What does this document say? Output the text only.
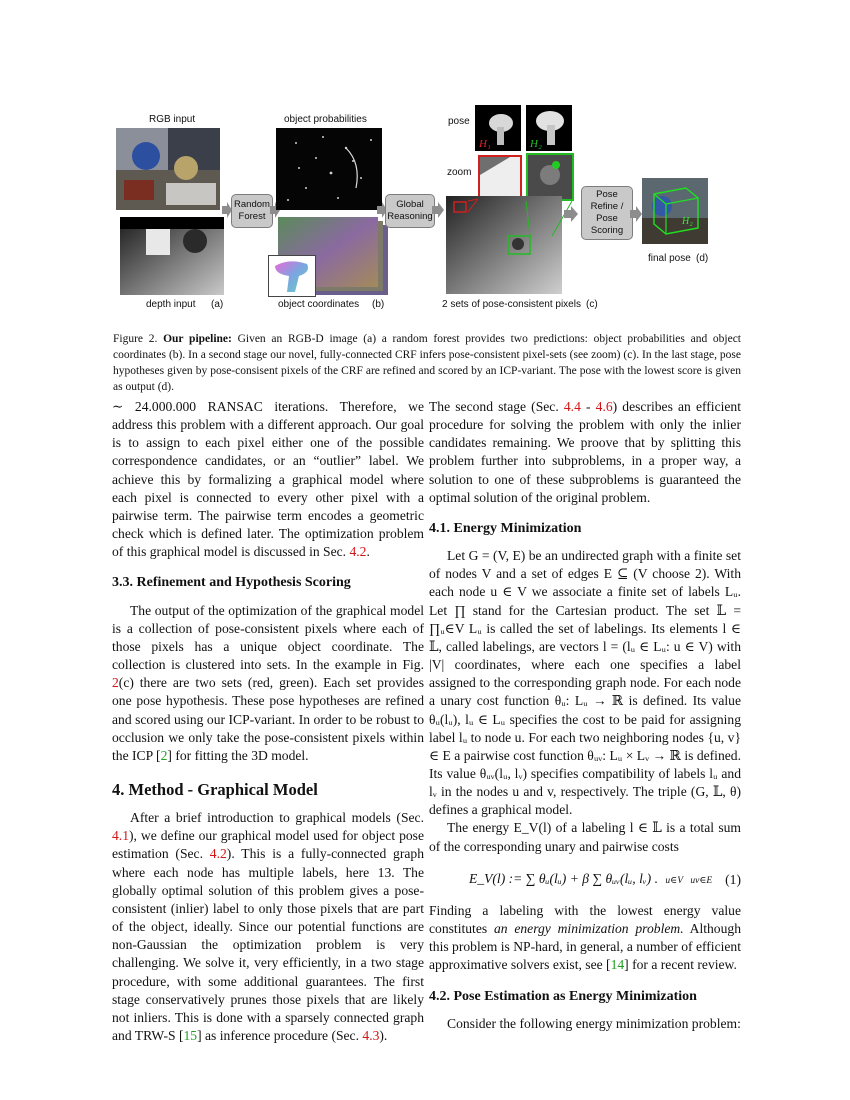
RGB input
depth input (a)
Random Forest
object probabilities
object coordinates (b)
Global Reasoning
pose
H₁	H₂
zoom
2 sets of pose-consistent pixels (c)
Pose Refine / Pose Scoring
H₂
final pose (d)
Figure 2. Our pipeline: Given an RGB-D image (a) a random forest provides two predictions: object probabilities and object coordinates (b). In a second stage our novel, fully-connected CRF infers pose-consistent pixel-sets (see zoom) (c). In the last stage, pose hypotheses given by pose-consisent pixels of the CRF are refined and scored by an ICP-variant. The pose with the lowest score is given as output (d).

∼ 24.000.000 RANSAC iterations. Therefore, we address this problem with a different approach. Our goal is to assign to each pixel either one of the possible correspondence candidates, or an “outlier” label. We achieve this by formalizing a graphical model where each pixel is connected to every other pixel with a pairwise term. The pairwise term encodes a geometric check which is defined later. The optimization problem of this graphical model is discussed in Sec. 4.2.

3.3. Refinement and Hypothesis Scoring

The output of the optimization of the graphical model is a collection of pose-consistent pixels where each of those pixels has a unique object coordinate. The collection is clustered into sets. In the example in Fig. 2(c) there are two sets (red, green). Each set provides one pose hypothesis. These pose hypotheses are refined and scored using our ICP-variant. In order to be robust to occlusion we only take the pose-consistent pixels within the ICP [2] for fitting the 3D model.

4. Method - Graphical Model

After a brief introduction to graphical models (Sec. 4.1), we define our graphical model used for object pose estimation (Sec. 4.2). This is a fully-connected graph where each node has multiple labels, here 13. The globally optimal solution of this problem gives a pose-consistent (inlier) label to only those pixels that are part of the object, ideally. Since our potential functions are non-Gaussian the optimization problem is very challenging. We solve it, very efficiently, in a two stage procedure, with some additional guarantees. The first stage conservatively prunes those pixels that are likely not inliers. This is done with a sparsely connected graph and TRW-S [15] as inference procedure (Sec. 4.3).

The second stage (Sec. 4.4 - 4.6) describes an efficient procedure for solving the problem with only the inlier candidates remaining. We proove that by splitting this problem further into subproblems, in a proper way, a solution to one of these subproblems is guaranteed the optimal solution of the original problem.

4.1. Energy Minimization

Let G = (V, E) be an undirected graph with a finite set of nodes V and a set of edges E ⊆ (V choose 2). With each node u ∈ V we associate a finite set of labels Lᵤ. Let ∏ stand for the Cartesian product. The set 𝕃 = ∏ᵤ∈V Lᵤ is called the set of labelings. Its elements l ∈ 𝕃, called labelings, are vectors l = (lᵤ ∈ Lᵤ: u ∈ V) with |V| coordinates, where each one specifies a label assigned to the corresponding graph node. For each node a unary cost function θᵤ: Lᵤ → ℝ is defined. Its value θᵤ(lᵤ), lᵤ ∈ Lᵤ specifies the cost to be paid for assigning label lᵤ to node u. For each two neighboring nodes {u, v} ∈ E a pairwise cost function θᵤᵥ: Lᵤ × Lᵥ → ℝ is defined. Its value θᵤᵥ(lᵤ, lᵥ) specifies compatibility of labels lᵤ and lᵥ in the nodes u and v, respectively. The triple (G, 𝕃, θ) defines a graphical model.

The energy E_V(l) of a labeling l ∈ 𝕃 is a total sum of the corresponding unary and pairwise costs

E_V(l) := ∑ θᵤ(lᵤ) + β ∑ θᵤᵥ(lᵤ, lᵥ) . u∈V uv∈E (1)

Finding a labeling with the lowest energy value constitutes an energy minimization problem. Although this problem is NP-hard, in general, a number of efficient approximative solvers exist, see [14] for a recent review.

4.2. Pose Estimation as Energy Minimization

Consider the following energy minimization problem:
